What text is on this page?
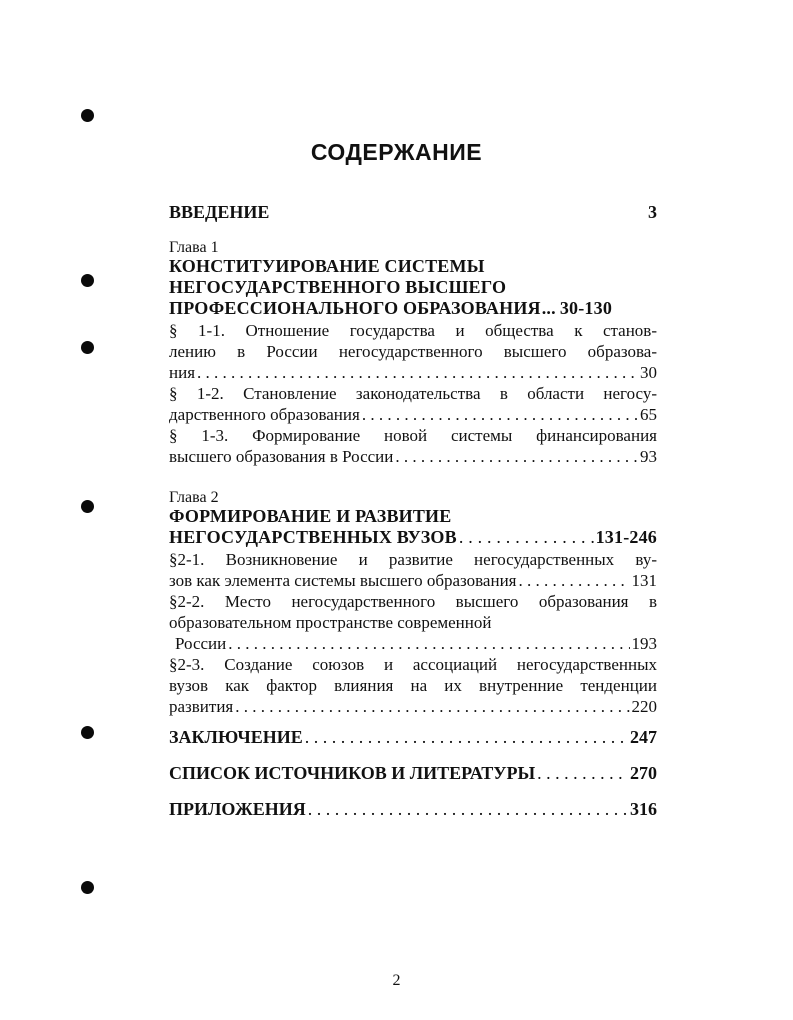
СОДЕРЖАНИЕ
ВВЕДЕНИЕ	3
Глава 1
КОНСТИТУИРОВАНИЕ СИСТЕМЫ
НЕГОСУДАРСТВЕННОГО ВЫСШЕГО
ПРОФЕССИОНАЛЬНОГО ОБРАЗОВАНИЯ ... 30-130
§ 1-1. Отношение государства и общества к станов-
лению в России негосударственного высшего образова-
ния . . .	30
§ 1-2. Становление законодательства в области негосу-
дарственного образования . . .	65
§ 1-3. Формирование новой системы финансирования
высшего образования в России . . .	93
Глава 2
ФОРМИРОВАНИЕ И РАЗВИТИЕ
НЕГОСУДАРСТВЕННЫХ ВУЗОВ . . .	131-246
§2-1. Возникновение и развитие негосударственных ву-
зов как элемента системы высшего образования . . .	131
§2-2. Место негосударственного высшего образования в
образовательном пространстве современной
России . . .	193
§2-3. Создание союзов и ассоциаций негосударственных
вузов как фактор влияния на их внутренние тенденции
развития . . .	220
ЗАКЛЮЧЕНИЕ . . .	247
СПИСОК ИСТОЧНИКОВ И ЛИТЕРАТУРЫ . . .	270
ПРИЛОЖЕНИЯ . . .	316
2
